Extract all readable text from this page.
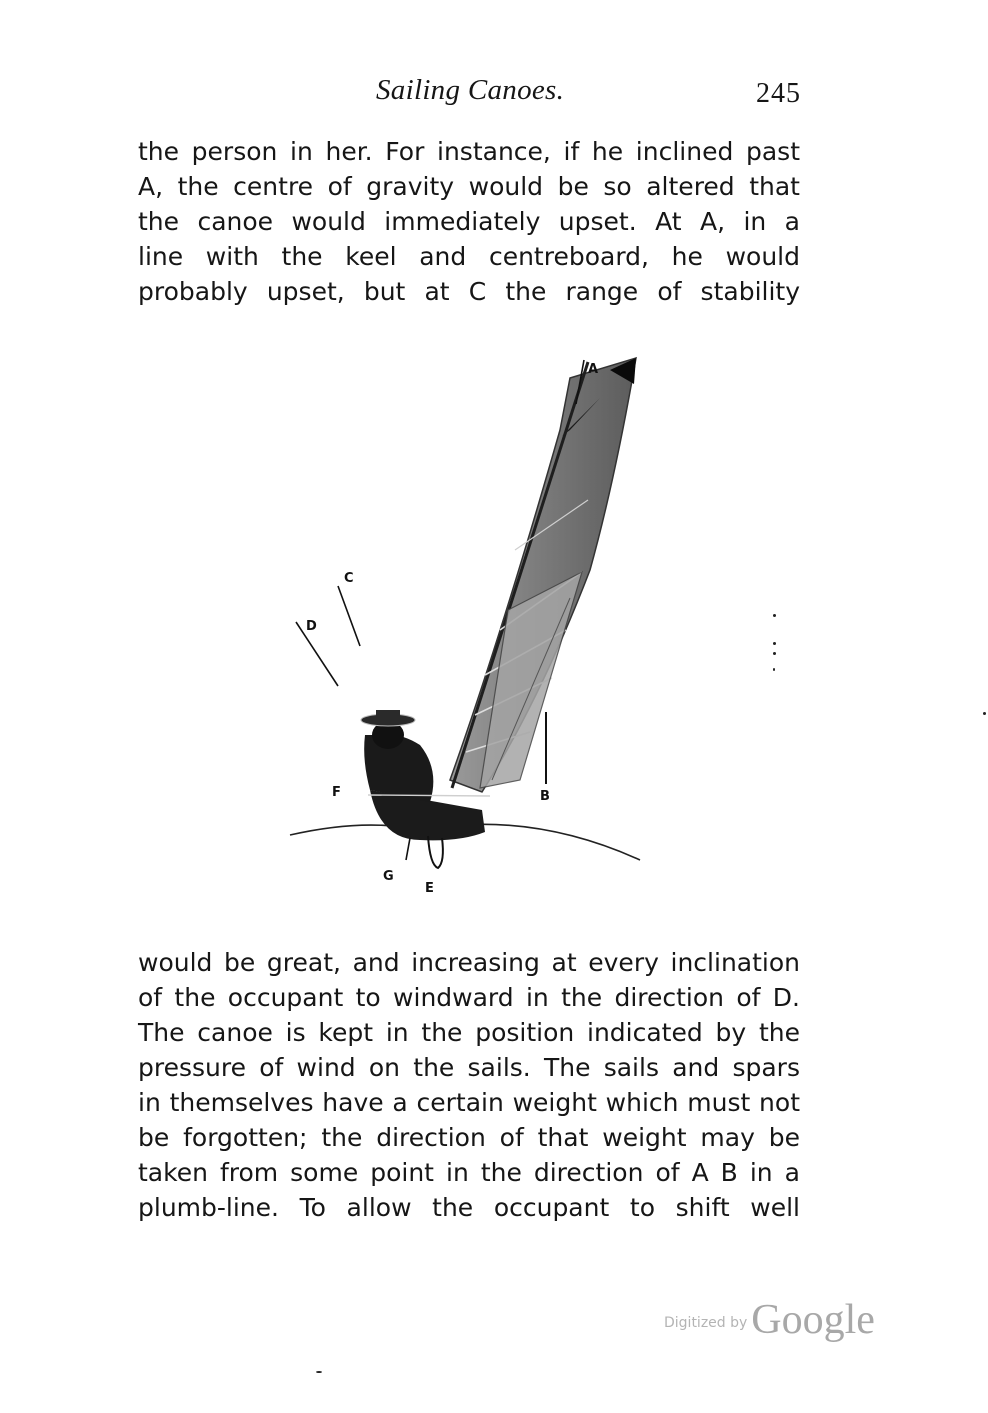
Sailing Canoes.	245
the person in her. For instance, if he inclined past
A, the centre of gravity would be so altered that
the canoe would immediately upset. At A, in a
line with the keel and centreboard, he would
probably upset, but at C the range of stability
A
B
C
D
E
F
G
would be great, and increasing at every inclination
of the occupant to windward in the direction of D.
The canoe is kept in the position indicated by the
pressure of wind on the sails. The sails and spars
in themselves have a certain weight which must not
be forgotten; the direction of that weight may be
taken from some point in the direction of A B in a
plumb-line. To allow the occupant to shift well
Digitized byGoogle
